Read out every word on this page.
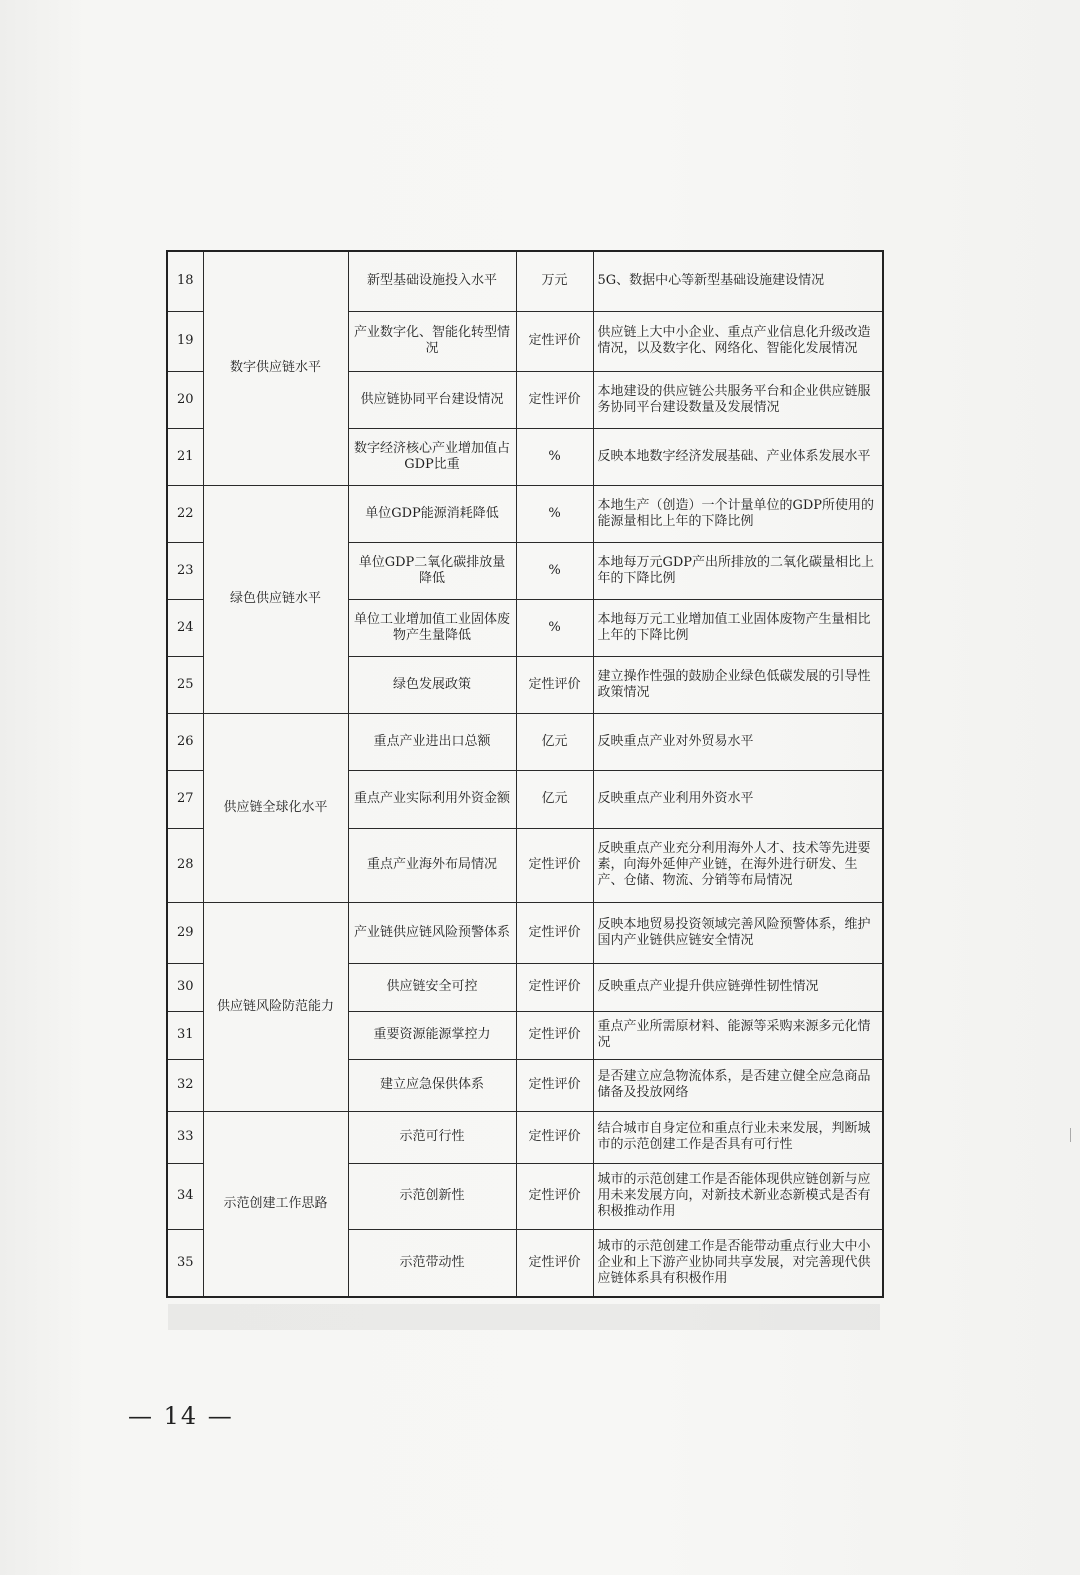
18	数字供应链水平	新型基础设施投入水平	万元	5G、数据中心等新型基础设施建设情况
19		产业数字化、智能化转型情况	定性评价	供应链上大中小企业、重点产业信息化升级改造情况，以及数字化、网络化、智能化发展情况
20		供应链协同平台建设情况	定性评价	本地建设的供应链公共服务平台和企业供应链服务协同平台建设数量及发展情况
21		数字经济核心产业增加值占GDP比重	%	反映本地数字经济发展基础、产业体系发展水平
22	绿色供应链水平	单位GDP能源消耗降低	%	本地生产（创造）一个计量单位的GDP所使用的能源量相比上年的下降比例
23		单位GDP二氧化碳排放量降低	%	本地每万元GDP产出所排放的二氧化碳量相比上年的下降比例
24		单位工业增加值工业固体废物产生量降低	%	本地每万元工业增加值工业固体废物产生量相比上年的下降比例
25		绿色发展政策	定性评价	建立操作性强的鼓励企业绿色低碳发展的引导性政策情况
26	供应链全球化水平	重点产业进出口总额	亿元	反映重点产业对外贸易水平
27		重点产业实际利用外资金额	亿元	反映重点产业利用外资水平
28		重点产业海外布局情况	定性评价	反映重点产业充分利用海外人才、技术等先进要素，向海外延伸产业链，在海外进行研发、生产、仓储、物流、分销等布局情况
29	供应链风险防范能力	产业链供应链风险预警体系	定性评价	反映本地贸易投资领域完善风险预警体系，维护国内产业链供应链安全情况
30		供应链安全可控	定性评价	反映重点产业提升供应链弹性韧性情况
31		重要资源能源掌控力	定性评价	重点产业所需原材料、能源等采购来源多元化情况
32		建立应急保供体系	定性评价	是否建立应急物流体系，是否建立健全应急商品储备及投放网络
33	示范创建工作思路	示范可行性	定性评价	结合城市自身定位和重点行业未来发展，判断城市的示范创建工作是否具有可行性
34		示范创新性	定性评价	城市的示范创建工作是否能体现供应链创新与应用未来发展方向，对新技术新业态新模式是否有积极推动作用
35		示范带动性	定性评价	城市的示范创建工作是否能带动重点行业大中小企业和上下游产业协同共享发展，对完善现代供应链体系具有积极作用
— 14 —
